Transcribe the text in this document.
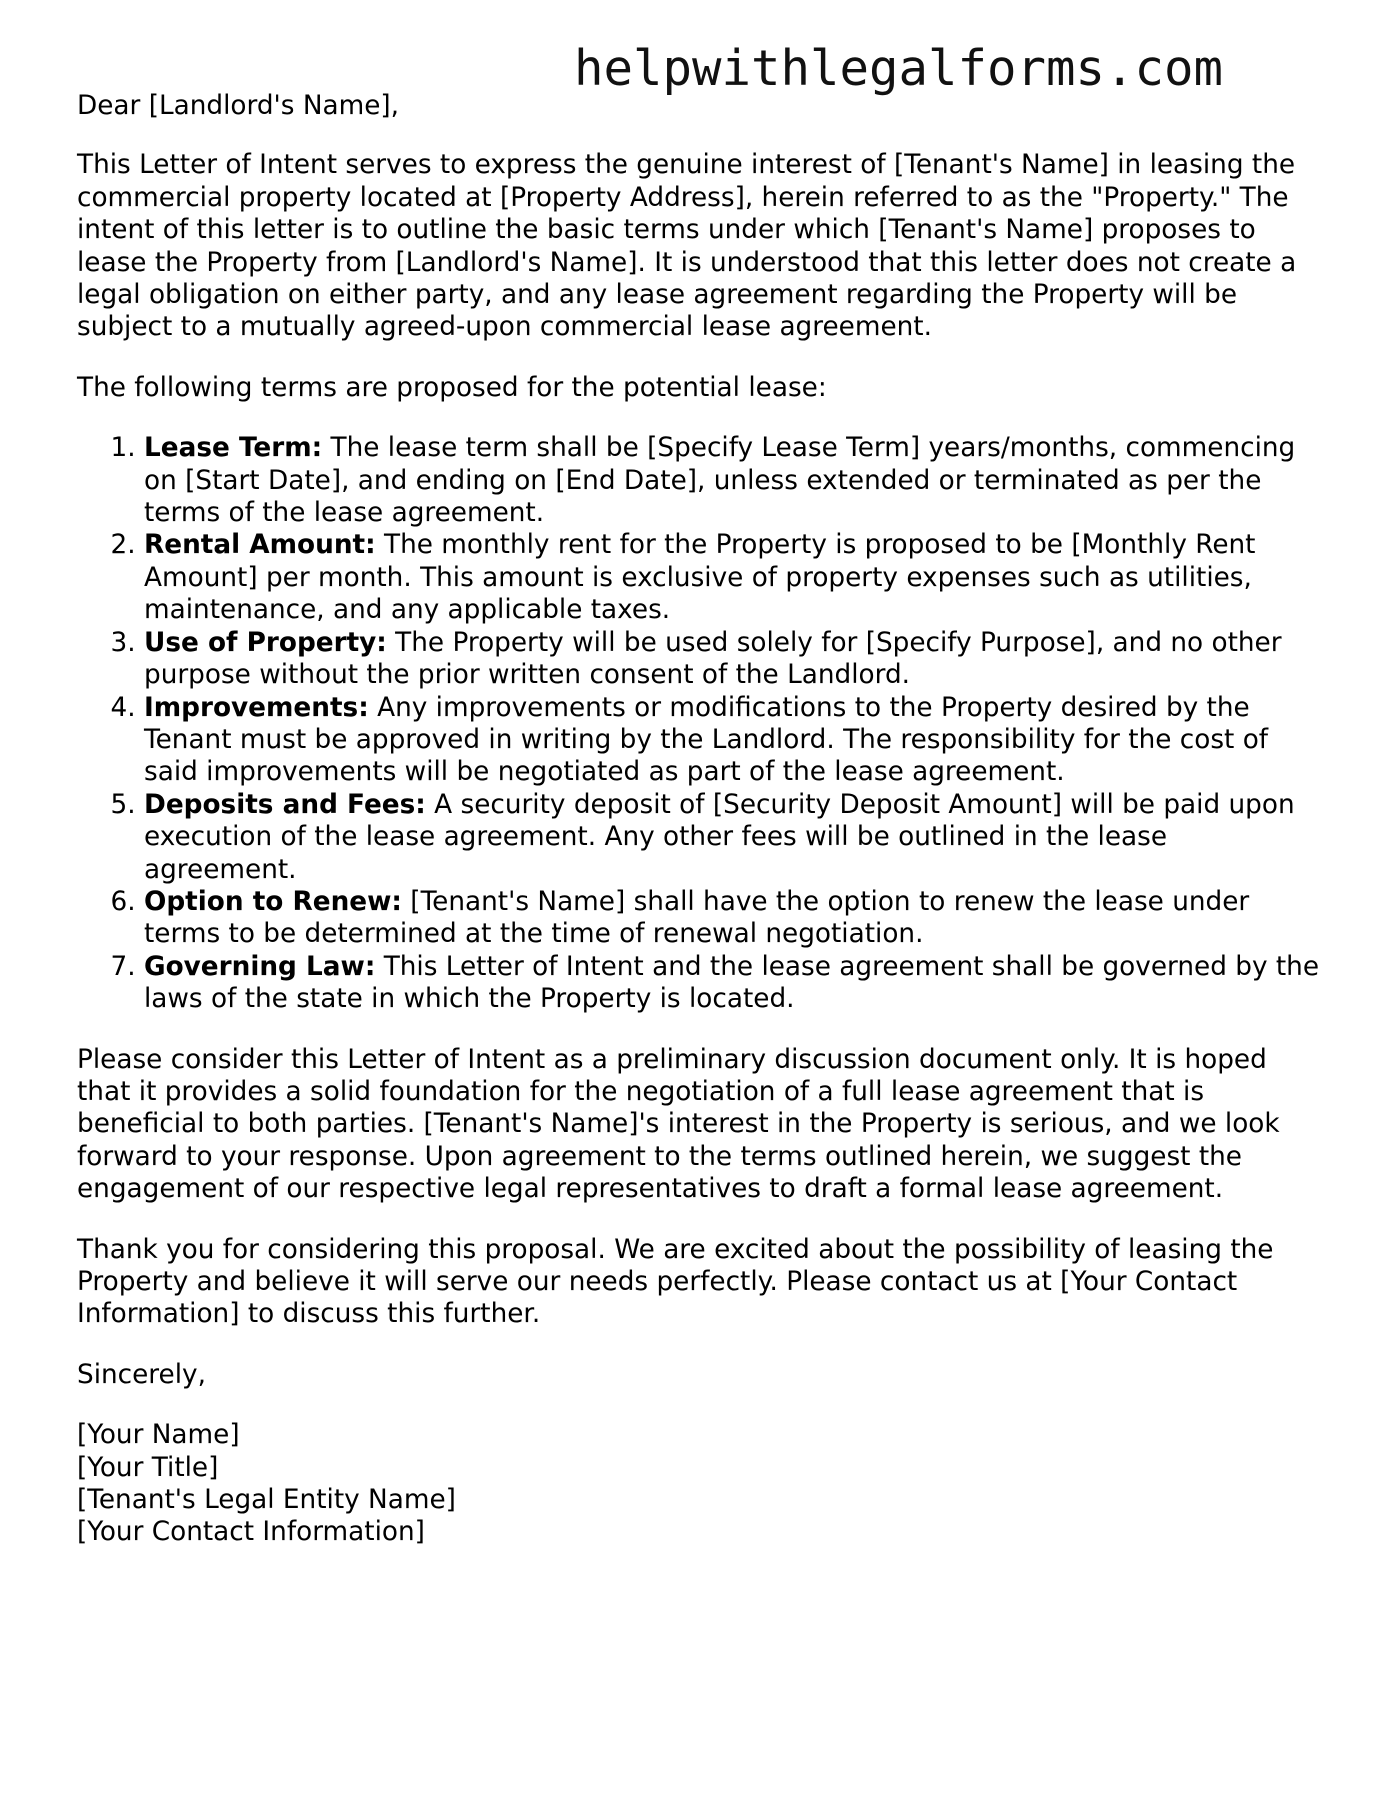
helpwithlegalforms.com

Dear [Landlord's Name],

This Letter of Intent serves to express the genuine interest of [Tenant's Name] in leasing the commercial property located at [Property Address], herein referred to as the "Property." The intent of this letter is to outline the basic terms under which [Tenant's Name] proposes to lease the Property from [Landlord's Name]. It is understood that this letter does not create a legal obligation on either party, and any lease agreement regarding the Property will be subject to a mutually agreed-upon commercial lease agreement.

The following terms are proposed for the potential lease:

1. Lease Term: The lease term shall be [Specify Lease Term] years/months, commencing on [Start Date], and ending on [End Date], unless extended or terminated as per the terms of the lease agreement.
2. Rental Amount: The monthly rent for the Property is proposed to be [Monthly Rent Amount] per month. This amount is exclusive of property expenses such as utilities, maintenance, and any applicable taxes.
3. Use of Property: The Property will be used solely for [Specify Purpose], and no other purpose without the prior written consent of the Landlord.
4. Improvements: Any improvements or modifications to the Property desired by the Tenant must be approved in writing by the Landlord. The responsibility for the cost of said improvements will be negotiated as part of the lease agreement.
5. Deposits and Fees: A security deposit of [Security Deposit Amount] will be paid upon execution of the lease agreement. Any other fees will be outlined in the lease agreement.
6. Option to Renew: [Tenant's Name] shall have the option to renew the lease under terms to be determined at the time of renewal negotiation.
7. Governing Law: This Letter of Intent and the lease agreement shall be governed by the laws of the state in which the Property is located.

Please consider this Letter of Intent as a preliminary discussion document only. It is hoped that it provides a solid foundation for the negotiation of a full lease agreement that is beneficial to both parties. [Tenant's Name]'s interest in the Property is serious, and we look forward to your response. Upon agreement to the terms outlined herein, we suggest the engagement of our respective legal representatives to draft a formal lease agreement.

Thank you for considering this proposal. We are excited about the possibility of leasing the Property and believe it will serve our needs perfectly. Please contact us at [Your Contact Information] to discuss this further.

Sincerely,

[Your Name]
[Your Title]
[Tenant's Legal Entity Name]
[Your Contact Information]
